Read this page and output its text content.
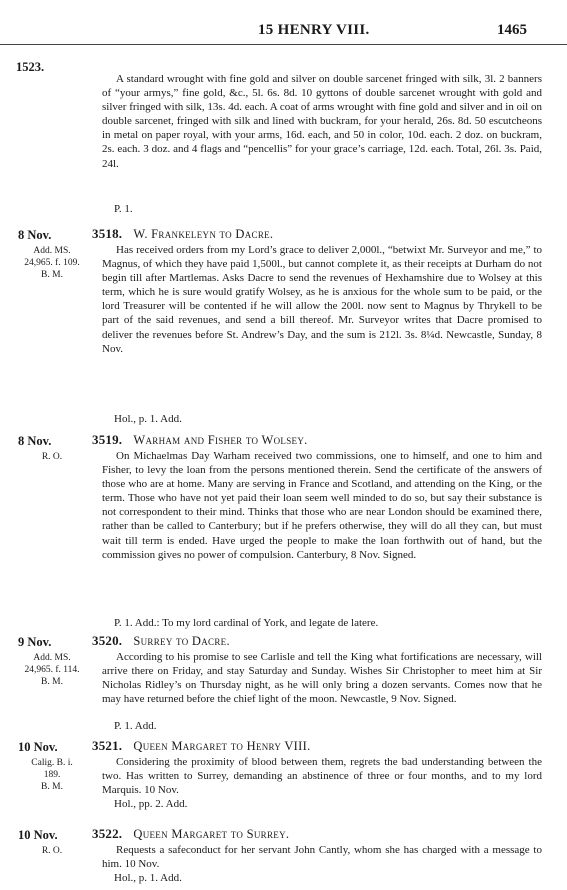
15 HENRY VIII.	1465
1523.

A standard wrought with fine gold and silver on double sarcenet fringed with silk, 3l. 2 banners of “your armys,” fine gold, &c., 5l. 6s. 8d. 10 gyttons of double sarcenet wrought with gold and silver fringed with silk, 13s. 4d. each. A coat of arms wrought with fine gold and silver and in oil on double sarcenet, fringed with silk and lined with buckram, for your herald, 26s. 8d. 50 escutcheons in metal on paper royal, with your arms, 16d. each, and 50 in color, 10d. each. 2 doz. on buckram, 2s. each. 3 doz. and 4 flags and “pencellis” for your grace’s carriage, 12d. each. Total, 26l. 3s. Paid, 24l.

P. 1.
8 Nov.
Add. MS.
24,965. f. 109.
B. M.
3518. W. Frankeleyn to Dacre.

Has received orders from my Lord’s grace to deliver 2,000l., “betwixt Mr. Surveyor and me,” to Magnus, of which they have paid 1,500l., but cannot complete it, as their receipts at Durham do not begin till after Martlemas. Asks Dacre to send the revenues of Hexhamshire due to Wolsey at this term, which he is sure would gratify Wolsey, as he is anxious for the whole sum to be paid, or the lord Treasurer will be contented if he will allow the 200l. now sent to Magnus by Thrykell to be part of the said revenues, and send a bill thereof. Mr. Surveyor writes that Dacre promised to deliver the revenues before St. Andrew’s Day, and the sum is 212l. 3s. 8¼d. Newcastle, Sunday, 8 Nov.

Hol., p. 1. Add.
8 Nov.
R. O.
3519. Warham and Fisher to Wolsey.

On Michaelmas Day Warham received two commissions, one to himself, and one to him and Fisher, to levy the loan from the persons mentioned therein. Send the certificate of the answers of those who are at home. Many are serving in France and Scotland, and attending on the King, or the term. Those who have not yet paid their loan seem well minded to do so, but say their substance is not correspondent to their mind. Thinks that those who are near London should be examined there, rather than be called to Canterbury; but if he prefers otherwise, they will do all they can, but must wait till term is ended. Have urged the people to make the loan forthwith out of hand, but the commission gives no power of compulsion. Canterbury, 8 Nov. Signed.

P. 1. Add.: To my lord cardinal of York, and legate de latere.
9 Nov.
Add. MS.
24,965. f. 114.
B. M.
3520. Surrey to Dacre.

According to his promise to see Carlisle and tell the King what fortifications are necessary, will arrive there on Friday, and stay Saturday and Sunday. Wishes Sir Christopher to meet him at Sir Nicholas Ridley’s on Thursday night, as he will only bring a dozen servants. Comes now that he may have returned before the chief light of the moon. Newcastle, 9 Nov. Signed.

P. 1. Add.
10 Nov.
Calig. B. i.
189.
B. M.
3521. Queen Margaret to Henry VIII.

Considering the proximity of blood between them, regrets the bad understanding between the two. Has written to Surrey, demanding an abstinence of three or four months, and to my lord Marquis. 10 Nov.

Hol., pp. 2. Add.
10 Nov.
R. O.
3522. Queen Margaret to Surrey.

Requests a safeconduct for her servant John Cantly, whom she has charged with a message to him. 10 Nov.

Hol., p. 1. Add.
